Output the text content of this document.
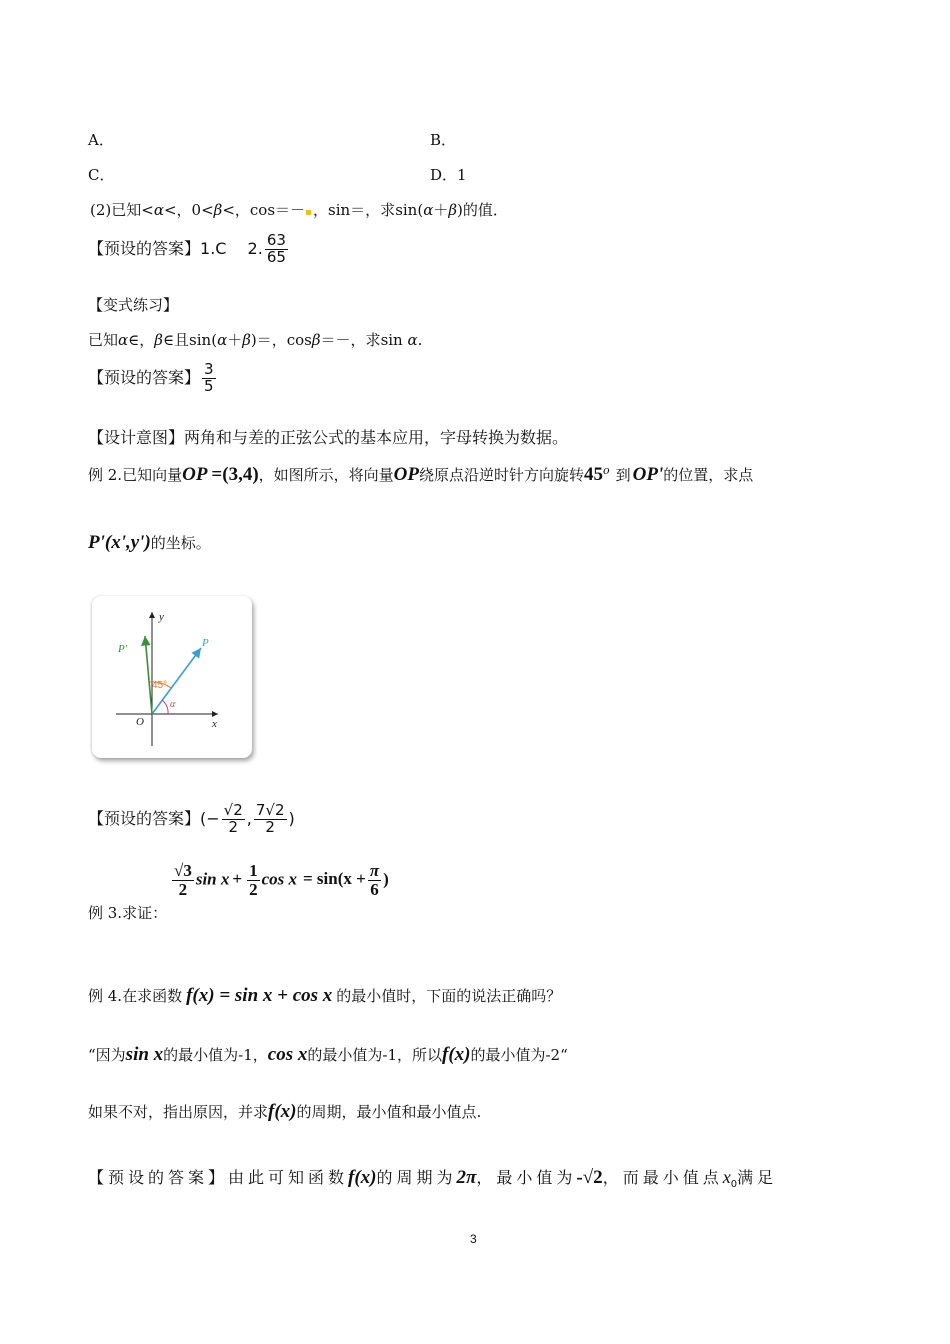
A．	B．
C．	D．1
(2)已知<α<，0<β<，cos＝－ ，sin＝，求sin(α＋β)的值．
【预设的答案】1.C　 2. $\frac{63}{65}$
【变式练习】
已知α∈，β∈且sin(α＋β)＝，cosβ＝－，求sin α.
【预设的答案】 $\frac{3}{5}$
【设计意图】两角和与差的正弦公式的基本应用，字母转换为数据。
例 2.已知向量OP =(3,4)，如图所示，将向量OP绕原点沿逆时针方向旋转45$^o$ 到 OP'的位置，求点
P'(x',y')的坐标。
y
x
O
P
P'
45°
α
【预设的答案】(− $\frac{√2}{2}$ , $\frac{7√2}{2}$ )
例 3.求证：
$\frac{√3}{2}$ $\sin x + \frac{1}{2}$ $\cos x = \sin(x + \frac{\pi}{6}$ )
例 4.在求函数 f(x) = sin x + cos x 的最小值时，下面的说法正确吗？
“因为sin x的最小值为-1，cos x的最小值为-1，所以f(x)的最小值为-2“
如果不对，指出原因，并求f(x)的周期，最小值和最小值点.
【预设的答案】由此可知函数f(x)的周期为2π，最小值为-√2，而最小值点$x_0$满足
3
